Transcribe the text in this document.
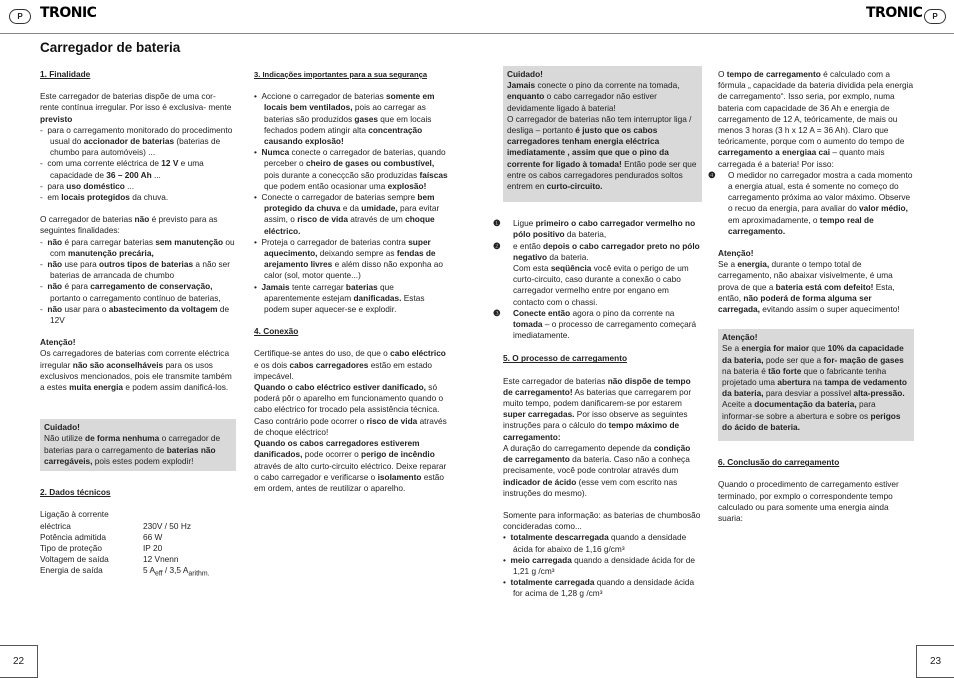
P	TRONIC	TRONIC	P
Carregador de bateria
1. Finalidade

Este carregador de baterias dispõe de uma cor- rente contínua irregular. Por isso é exclusiva- mente previsto

-  para o carregamento monitorado do procedimento usual do accionador de baterias (baterias de chumbo para automóveis) ...
-  com uma corrente eléctrica de 12 V e uma capacidade de 36 – 200 Ah ...
-  para uso doméstico ...
-  em locais protegidos da chuva.

O carregador de baterias não é previsto para as seguintes finalidades:

-  não é para carregar baterias sem manutenção ou com manutenção precária,
-  não use para outros tipos de baterias a não ser baterias de arrancada de chumbo
-  não é para carregamento de conservação, portanto o carregamento contínuo de baterias,
-  não usar para o abastecimento da voltagem de 12V

Atenção!

Os carregadores de baterias com corrente eléctrica irregular não são aconselháveis para os usos exclusivos mencionados, pois ele transmite também a estes muita energia e podem assim danificá-los.

Cuidado!

Não utilize de forma nenhuma o carregador de baterias para o carregamento de baterias não carregáveis, pois estes podem explodir!

2. Dados técnicos
Ligação à corrente
eléctrica	230V / 50 Hz
Potência admitida	66 W
Tipo de proteção	IP 20
Voltagem de saída	12 Vnenn
Energia de saída	5 $A_{eff} / 3,5$ $A_{arithm.}$
3. Indicações importantes para a sua segurança
•  Accione o carregador de baterias somente em locais bem ventilados, pois ao carregar as baterias são produzidos gases que em locais fechados podem atingir alta concentração causando explosão!
•  Numca conecte o carregador de baterias, quando perceber o cheiro de gases ou combustível, pois durante a conecçcão são produzidas faíscas que podem então ocasionar uma explosão!
•  Conecte o carregador de baterias sempre bem protegido da chuva e da umidade, para evitar assim, o risco de vida através de um choque eléctrico.
•  Proteja o carregador de baterias contra super aquecimento, deixando sempre as fendas de arejamento livres e além disso não exponha ao calor (sol, motor quente...)
•  Jamais tente carregar baterias que aparentemente estejam danificadas. Estas podem super aquecer-se e explodir.
4. Conexão

Certifique-se antes do uso, de que o cabo eléctrico e os dois cabos carregadores estão em estado impecável.

Quando o cabo eléctrico estiver danificado, só poderá pôr o aparelho em funcionamento quando o cabo eléctrico for trocado pela assistência técnica.

Caso contrário pode ocorrer o risco de vida através de choque eléctrico!

Quando os cabos carregadores estiverem danificados, pode ocorrer o perigo de incêndio através de alto curto-circuito eléctrico. Deixe reparar o cabo carregador e verificarse o isolamento estão em ordem, antes de reutilizar o aparelho.

Cuidado!

Jamais conecte o pino da corrente na tomada, enquanto o cabo carregador não estiver devidamente ligado à bateria!
O carregador de baterias não tem interruptor liga / desliga – portanto é justo que os cabos carregadores tenham energia eléctrica imediatamente , assim que que o pino da corrente for ligado à tomada! Então pode ser que entre os cabos carregadores pendurados soltos entrem en curto-circuito.

❶ Ligue primeiro o cabo carregador vermelho no pólo positivo da bateria,
❷ e então depois o cabo carregador preto no pólo negativo da bateria.
Com esta seqüência você evita o perigo de um curto-circuito, caso durante a conexão o cabo carregador vermelho entre por engano em contacto com o chassi.
❸ Conecte então agora o pino da corrente na tomada – o processo de carregamento começará imediatamente.
5. O processo de carregamento

Este carregador de baterias não dispõe de tempo de carregamento! As baterias que carregarem por muito tempo, podem danificarem-se por estarem super carregadas. Por isso observe as seguintes instruções para o cálculo do tempo máximo de carregamento:

A duração do carregamento depende da condição de carregamento da bateria. Caso não a conheça precisamente, você pode controlar através dum indicador de ácido (esse vem com escrito nas instruções do mesmo).

Somente para informação: as baterias de chumbosão concideradas como...

•  totalmente descarregada quando a densidade ácida for abaixo de 1,16 g/cm³
•  meio carregada quando a densidade ácida for de 1,21 g /cm³
•  totalmente carregada quando a densidade ácida for acima de 1,28 g /cm³

O tempo de carregamento é calculado com a fórmula „ capacidade da bateria dividida pela energia de carregamento“. Isso seria, por exmplo, numa bateria com capacidade de 36 Ah e energia de carregamento de 12 A, teóricamente, de mais ou menos 3 horas (3 h x 12 A = 36 Ah). Claro que teóricamente, porque com o aumento do tempo de carregamento a energiaa cai – quanto mais carregada é a bateria! Por isso:

❹ O medidor no carregador mostra a cada momento a energia atual, esta é somente no começo do carregamento próxima ao valor máximo. Observe o recuo da energia, para avaliar do valor médio, em aproximadamente, o tempo real de carregamento.

Atenção!

Se a energia, durante o tempo total de carregamento, não abaixar visivelmente, é uma prova de que a bateria está com defeito! Esta, então, não poderá de forma alguma ser carregada, evitando assim o super aquecimento!

Atenção!

Se a energia for maior que 10% da capacidade da bateria, pode ser que a for- mação de gases na bateria é tão forte que o fabricante tenha projetado uma abertura na tampa de vedamento da bateria, para desviar a possível alta-pressão.
Aceite a documentação da bateria, para informar-se sobre a abertura e sobre os perigos do ácido de bateria.

6. Conclusão do carregamento

Quando o procedimento de carregamento estiver terminado, por exmplo o correspondente tempo calculado ou para somente uma energia ainda suaria:

22	23
